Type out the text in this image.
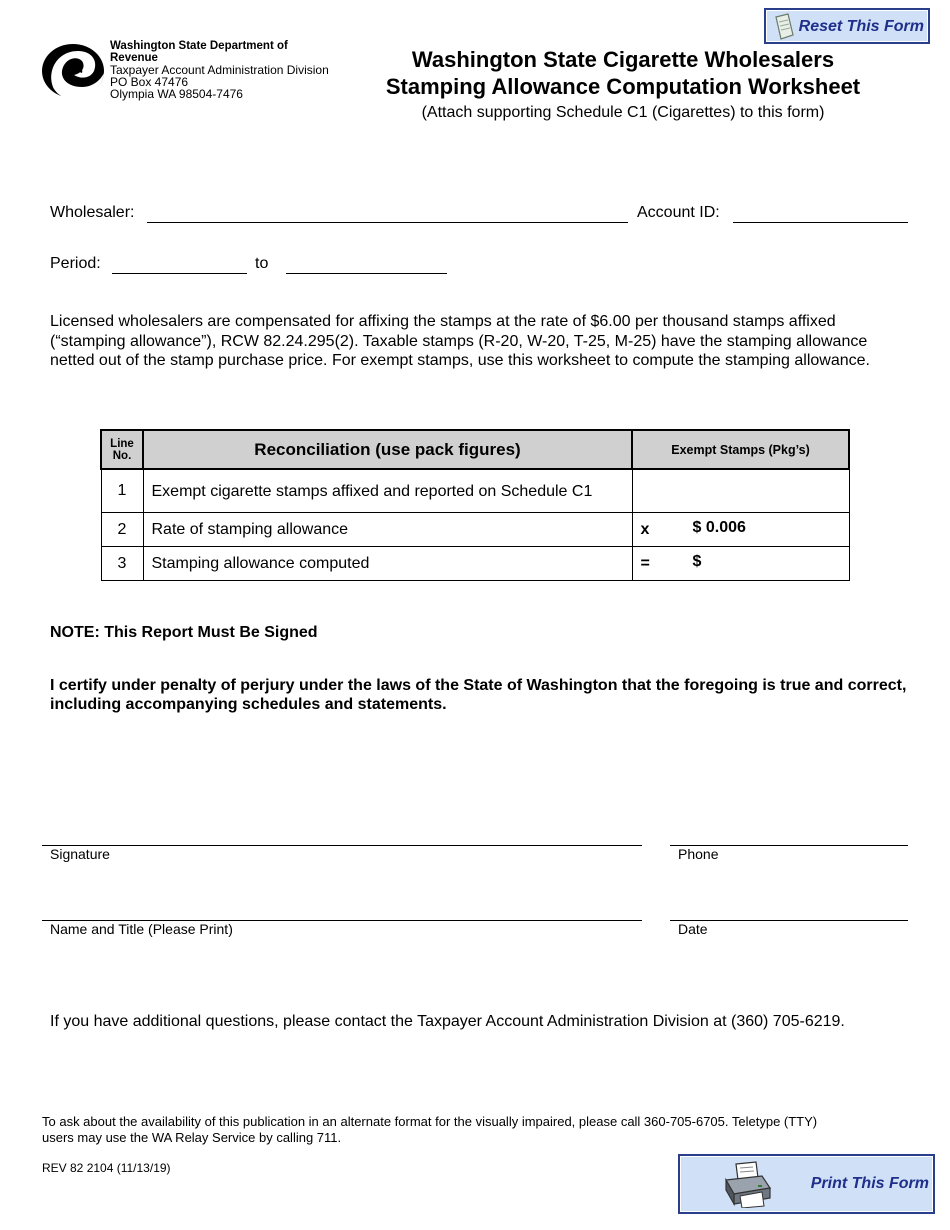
Reset This Form
Washington State Department of Revenue
Taxpayer Account Administration Division
PO Box 47476
Olympia WA 98504-7476
Washington State Cigarette Wholesalers
Stamping Allowance Computation Worksheet
(Attach supporting Schedule C1 (Cigarettes) to this form)
Wholesaler:	Account ID:
Period:	to
Licensed wholesalers are compensated for affixing the stamps at the rate of $6.00 per thousand stamps affixed (“stamping allowance”), RCW 82.24.295(2). Taxable stamps (R-20, W-20, T-25, M-25) have the stamping allowance netted out of the stamp purchase price. For exempt stamps, use this worksheet to compute the stamping allowance.
Line No.	Reconciliation (use pack figures)	Exempt Stamps (Pkg’s)
1	Exempt cigarette stamps affixed and reported on Schedule C1	

2	Rate of stamping allowance	x $ 0.006

3	Stamping allowance computed	= $
NOTE: This Report Must Be Signed
I certify under penalty of perjury under the laws of the State of Washington that the foregoing is true and correct, including accompanying schedules and statements.
Signature	Phone
Name and Title (Please Print)	Date
If you have additional questions, please contact the Taxpayer Account Administration Division at (360) 705-6219.
To ask about the availability of this publication in an alternate format for the visually impaired, please call 360-705-6705. Teletype (TTY) users may use the WA Relay Service by calling 711.
REV 82 2104 (11/13/19)
Print This Form
